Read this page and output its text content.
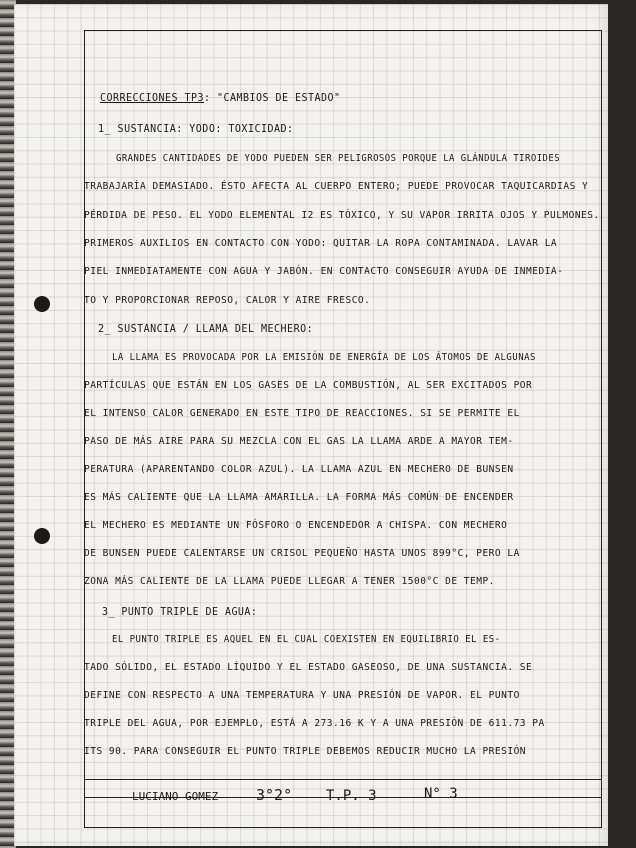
CORRECCIONES TP3: "CAMBIOS DE ESTADO"
1_ SUSTANCIA: YODO: TOXICIDAD:
GRANDES CANTIDADES DE YODO PUEDEN SER PELIGROSOS PORQUE LA GLÁNDULA TIROIDES
TRABAJARÍA DEMASIADO. ÉSTO AFECTA AL CUERPO ENTERO; PUEDE PROVOCAR TAQUICARDIAS Y
PÉRDIDA DE PESO. EL YODO ELEMENTAL I2 ES TÓXICO, Y SU VAPOR IRRITA OJOS Y PULMONES.
PRIMEROS AUXILIOS EN CONTACTO CON YODO: QUITAR LA ROPA CONTAMINADA. LAVAR LA
PIEL INMEDIATAMENTE CON AGUA Y JABÓN. EN CONTACTO CONSEGUIR AYUDA DE INMEDIA-
TO Y PROPORCIONAR REPOSO, CALOR Y AIRE FRESCO.
2_ SUSTANCIA / LLAMA DEL MECHERO:
LA LLAMA ES PROVOCADA POR LA EMISIÓN DE ENERGÍA DE LOS ÁTOMOS DE ALGUNAS
PARTÍCULAS QUE ESTÁN EN LOS GASES DE LA COMBUSTIÓN, AL SER EXCITADOS POR
EL INTENSO CALOR GENERADO EN ESTE TIPO DE REACCIONES. SI SE PERMITE EL
PASO DE MÁS AIRE PARA SU MEZCLA CON EL GAS LA LLAMA ARDE A MAYOR TEM-
PERATURA (APARENTANDO COLOR AZUL). LA LLAMA AZUL EN MECHERO DE BUNSEN
ES MÁS CALIENTE QUE LA LLAMA AMARILLA. LA FORMA MÁS COMÚN DE ENCENDER
EL MECHERO ES MEDIANTE UN FÓSFORO O ENCENDEDOR A CHISPA. CON MECHERO
DE BUNSEN PUEDE CALENTARSE UN CRISOL PEQUEÑO HASTA UNOS 899°C, PERO LA
ZONA MÁS CALIENTE DE LA LLAMA PUEDE LLEGAR A TENER 1500°C DE TEMP.
3_ PUNTO TRIPLE DE AGUA:
EL PUNTO TRIPLE ES AQUEL EN EL CUAL COEXISTEN EN EQUILIBRIO EL ES-
TADO SÓLIDO, EL ESTADO LÍQUIDO Y EL ESTADO GASEOSO, DE UNA SUSTANCIA. SE
DEFINE CON RESPECTO A UNA TEMPERATURA Y UNA PRESIÓN DE VAPOR. EL PUNTO
TRIPLE DEL AGUA, POR EJEMPLO, ESTÁ A 273.16 K Y A UNA PRESIÓN DE 611.73 PA
ITS 90. PARA CONSEGUIR EL PUNTO TRIPLE DEBEMOS REDUCIR MUCHO LA PRESIÓN
LUCIANO GOMEZ	3°2° T.P. 3	N° 3
